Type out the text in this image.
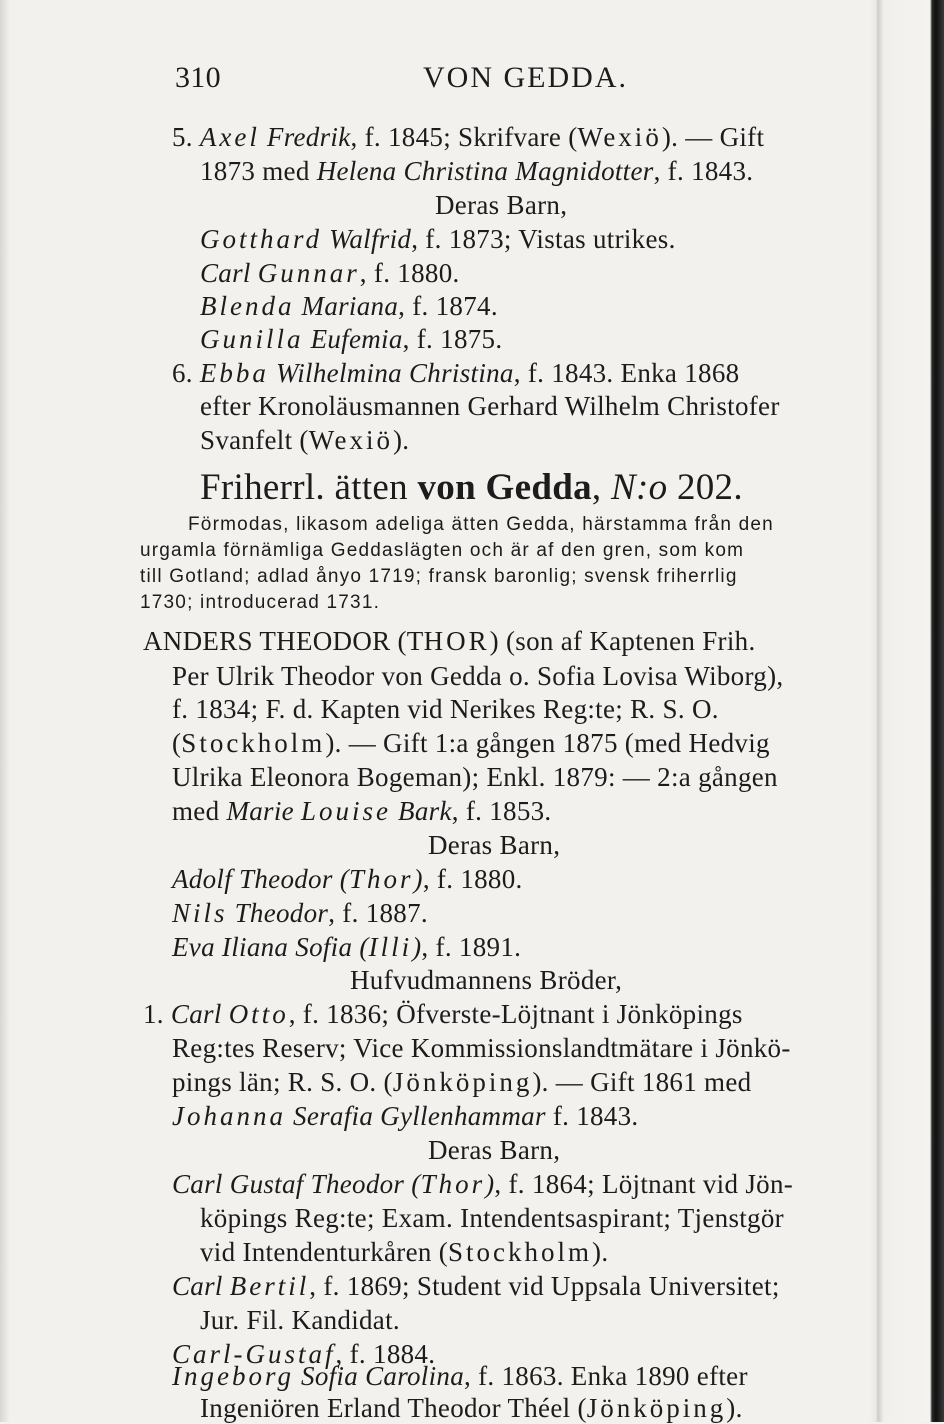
310	VON GEDDA.
5. Axel Fredrik, f. 1845; Skrifvare (Wexiö). — Gift
1873 med Helena Christina Magnidotter, f. 1843.
Deras Barn,
Gotthard Walfrid, f. 1873; Vistas utrikes.
Carl Gunnar, f. 1880.
Blenda Mariana, f. 1874.
Gunilla Eufemia, f. 1875.
6. Ebba Wilhelmina Christina, f. 1843. Enka 1868
efter Kronoläusmannen Gerhard Wilhelm Christofer
Svanfelt (Wexiö).
Friherrl. ätten von Gedda, N:o 202.
Förmodas, likasom adeliga ätten Gedda, härstamma från den
urgamla förnämliga Geddaslägten och är af den gren, som kom
till Gotland; adlad ånyo 1719; fransk baronlig; svensk friherrlig
1730; introducerad 1731.
ANDERS THEODOR (THOR) (son af Kaptenen Frih.
Per Ulrik Theodor von Gedda o. Sofia Lovisa Wiborg),
f. 1834; F. d. Kapten vid Nerikes Reg:te; R. S. O.
(Stockholm). — Gift 1:a gången 1875 (med Hedvig
Ulrika Eleonora Bogeman); Enkl. 1879: — 2:a gången
med Marie Louise Bark, f. 1853.
Deras Barn,
Adolf Theodor (Thor), f. 1880.
Nils Theodor, f. 1887.
Eva Iliana Sofia (Illi), f. 1891.
Hufvudmannens Bröder,
1. Carl Otto, f. 1836; Öfverste-Löjtnant i Jönköpings
Reg:tes Reserv; Vice Kommissionslandtmätare i Jönkö-
pings län; R. S. O. (Jönköping). — Gift 1861 med
Johanna Serafia Gyllenhammar f. 1843.
Deras Barn,
Carl Gustaf Theodor (Thor), f. 1864; Löjtnant vid Jön-
köpings Reg:te; Exam. Intendentsaspirant; Tjenstgör
vid Intendenturkåren (Stockholm).
Carl Bertil, f. 1869; Student vid Uppsala Universitet;
Jur. Fil. Kandidat.
Carl-Gustaf, f. 1884.
Ingeborg Sofia Carolina, f. 1863. Enka 1890 efter
Ingeniören Erland Theodor Théel (Jönköping).
